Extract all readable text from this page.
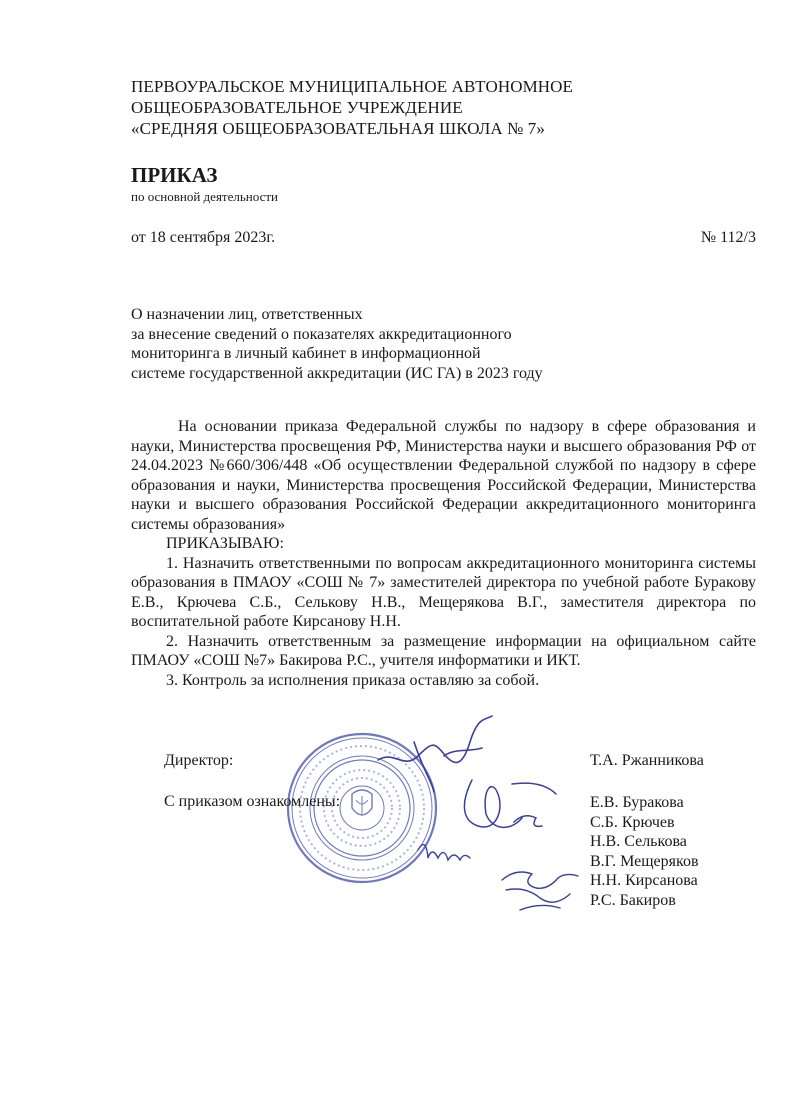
ПЕРВОУРАЛЬСКОЕ МУНИЦИПАЛЬНОЕ АВТОНОМНОЕ
ОБЩЕОБРАЗОВАТЕЛЬНОЕ УЧРЕЖДЕНИЕ
«СРЕДНЯЯ ОБЩЕОБРАЗОВАТЕЛЬНАЯ ШКОЛА № 7»
ПРИКАЗ
по основной деятельности
от 18 сентября 2023г.	№ 112/3
О назначении лиц, ответственных
за внесение сведений о показателях аккредитационного
мониторинга в личный кабинет в информационной
системе государственной аккредитации (ИС ГА) в 2023 году

На основании приказа Федеральной службы по надзору в сфере образования и науки, Министерства просвещения РФ, Министерства науки и высшего образования РФ от 24.04.2023 №660/306/448 «Об осуществлении Федеральной службой по надзору в сфере образования и науки, Министерства просвещения Российской Федерации, Министерства науки и высшего образования Российской Федерации аккредитационного мониторинга системы образования»

ПРИКАЗЫВАЮ:

1. Назначить ответственными по вопросам аккредитационного мониторинга системы образования в ПМАОУ «СОШ № 7» заместителей директора по учебной работе Буракову Е.В., Крючева С.Б., Селькову Н.В., Мещерякова В.Г., заместителя директора по воспитательной работе Кирсанову Н.Н.

2. Назначить ответственным за размещение информации на официальном сайте ПМАОУ «СОШ №7» Бакирова Р.С., учителя информатики и ИКТ.

3. Контроль за исполнения приказа оставляю за собой.

Директор:	Т.А. Ржанникова
С приказом ознакомлены:	Е.В. Буракова
С.Б. Крючев
Н.В. Селькова
В.Г. Мещеряков
Н.Н. Кирсанова
Р.С. Бакиров
